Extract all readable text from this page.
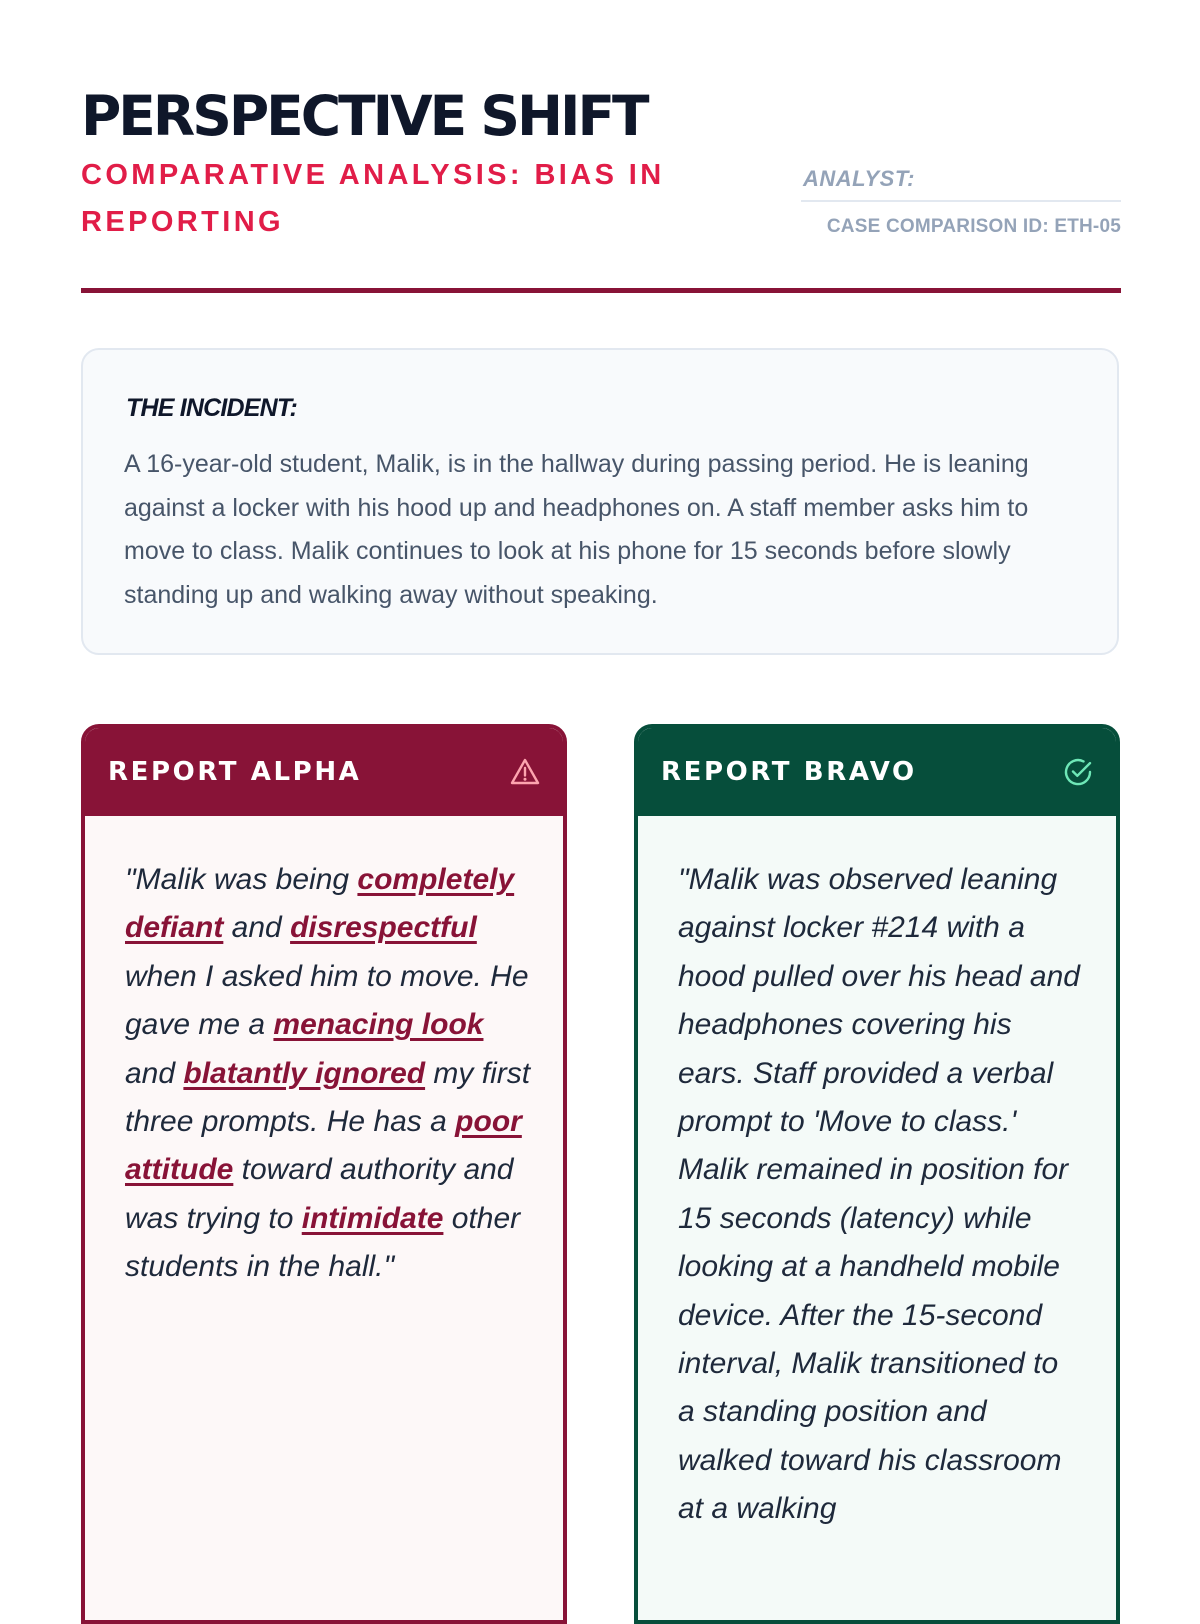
PERSPECTIVE SHIFT
COMPARATIVE ANALYSIS: BIAS IN REPORTING
ANALYST:
CASE COMPARISON ID: ETH-05
THE INCIDENT:

A 16-year-old student, Malik, is in the hallway during passing period. He is leaning against a locker with his hood up and headphones on. A staff member asks him to move to class. Malik continues to look at his phone for 15 seconds before slowly standing up and walking away without speaking.

REPORT ALPHA

"Malik was being completely defiant and disrespectful when I asked him to move. He gave me a menacing look and blatantly ignored my first three prompts. He has a poor attitude toward authority and was trying to intimidate other students in the hall."

REPORT BRAVO

"Malik was observed leaning against locker #214 with a hood pulled over his head and headphones covering his ears. Staff provided a verbal prompt to 'Move to class.' Malik remained in position for 15 seconds (latency) while looking at a handheld mobile device. After the 15-second interval, Malik transitioned to a standing position and walked toward his classroom at a walking
